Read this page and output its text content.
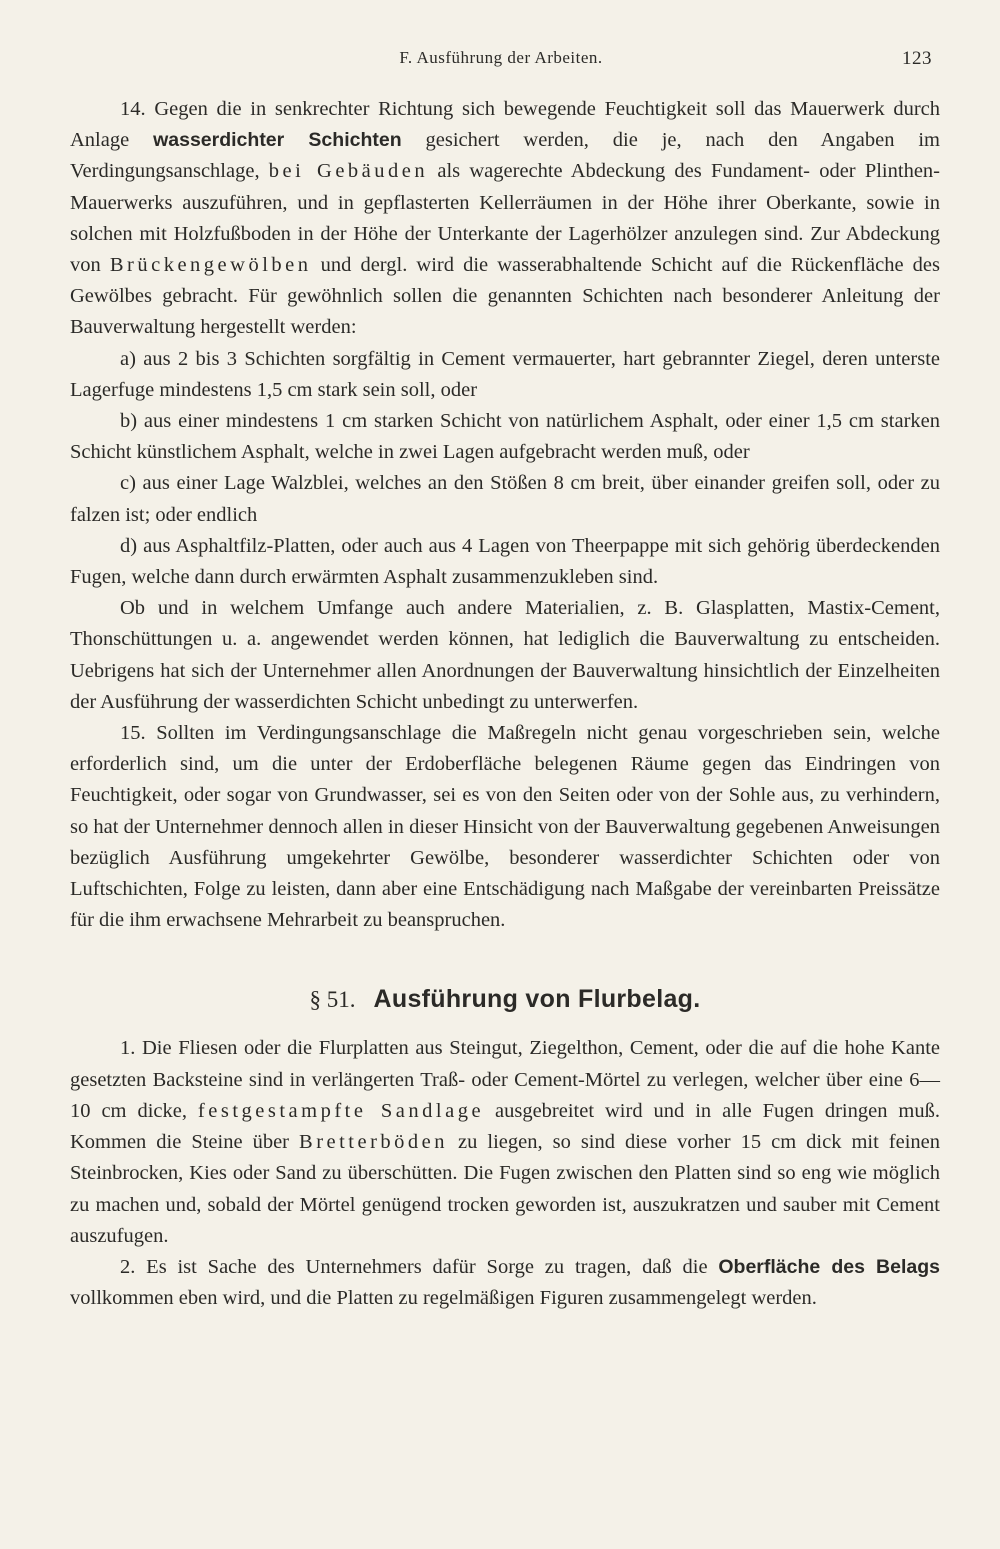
F. Ausführung der Arbeiten.	123

14. Gegen die in senkrechter Richtung sich bewegende Feuchtigkeit soll das Mauerwerk durch Anlage wasserdichter Schichten gesichert werden, die je, nach den Angaben im Verdingungsanschlage, bei Gebäuden als wagerechte Abdeckung des Fundament- oder Plinthen-Mauerwerks auszuführen, und in gepflasterten Kellerräumen in der Höhe ihrer Oberkante, sowie in solchen mit Holzfußboden in der Höhe der Unterkante der Lagerhölzer anzulegen sind. Zur Abdeckung von Brückengewölben und dergl. wird die wasserabhaltende Schicht auf die Rückenfläche des Gewölbes gebracht. Für gewöhnlich sollen die genannten Schichten nach besonderer Anleitung der Bauverwaltung hergestellt werden:

a) aus 2 bis 3 Schichten sorgfältig in Cement vermauerter, hart gebrannter Ziegel, deren unterste Lagerfuge mindestens 1,5 cm stark sein soll, oder

b) aus einer mindestens 1 cm starken Schicht von natürlichem Asphalt, oder einer 1,5 cm starken Schicht künstlichem Asphalt, welche in zwei Lagen aufgebracht werden muß, oder

c) aus einer Lage Walzblei, welches an den Stößen 8 cm breit, über einander greifen soll, oder zu falzen ist; oder endlich

d) aus Asphaltfilz-Platten, oder auch aus 4 Lagen von Theerpappe mit sich gehörig überdeckenden Fugen, welche dann durch erwärmten Asphalt zusammenzukleben sind.

Ob und in welchem Umfange auch andere Materialien, z. B. Glasplatten, Mastix-Cement, Thonschüttungen u. a. angewendet werden können, hat lediglich die Bauverwaltung zu entscheiden. Uebrigens hat sich der Unternehmer allen Anordnungen der Bauverwaltung hinsichtlich der Einzelheiten der Ausführung der wasserdichten Schicht unbedingt zu unterwerfen.

15. Sollten im Verdingungsanschlage die Maßregeln nicht genau vorgeschrieben sein, welche erforderlich sind, um die unter der Erdoberfläche belegenen Räume gegen das Eindringen von Feuchtigkeit, oder sogar von Grundwasser, sei es von den Seiten oder von der Sohle aus, zu verhindern, so hat der Unternehmer dennoch allen in dieser Hinsicht von der Bauverwaltung gegebenen Anweisungen bezüglich Ausführung umgekehrter Gewölbe, besonderer wasserdichter Schichten oder von Luftschichten, Folge zu leisten, dann aber eine Entschädigung nach Maßgabe der vereinbarten Preissätze für die ihm erwachsene Mehrarbeit zu beanspruchen.

§ 51. Ausführung von Flurbelag.

1. Die Fliesen oder die Flurplatten aus Steingut, Ziegelthon, Cement, oder die auf die hohe Kante gesetzten Backsteine sind in verlängerten Traß- oder Cement-Mörtel zu verlegen, welcher über eine 6—10 cm dicke, festgestampfte Sandlage ausgebreitet wird und in alle Fugen dringen muß. Kommen die Steine über Bretterböden zu liegen, so sind diese vorher 15 cm dick mit feinen Steinbrocken, Kies oder Sand zu überschütten. Die Fugen zwischen den Platten sind so eng wie möglich zu machen und, sobald der Mörtel genügend trocken geworden ist, auszukratzen und sauber mit Cement auszufugen.

2. Es ist Sache des Unternehmers dafür Sorge zu tragen, daß die Oberfläche des Belags vollkommen eben wird, und die Platten zu regelmäßigen Figuren zusammengelegt werden.
